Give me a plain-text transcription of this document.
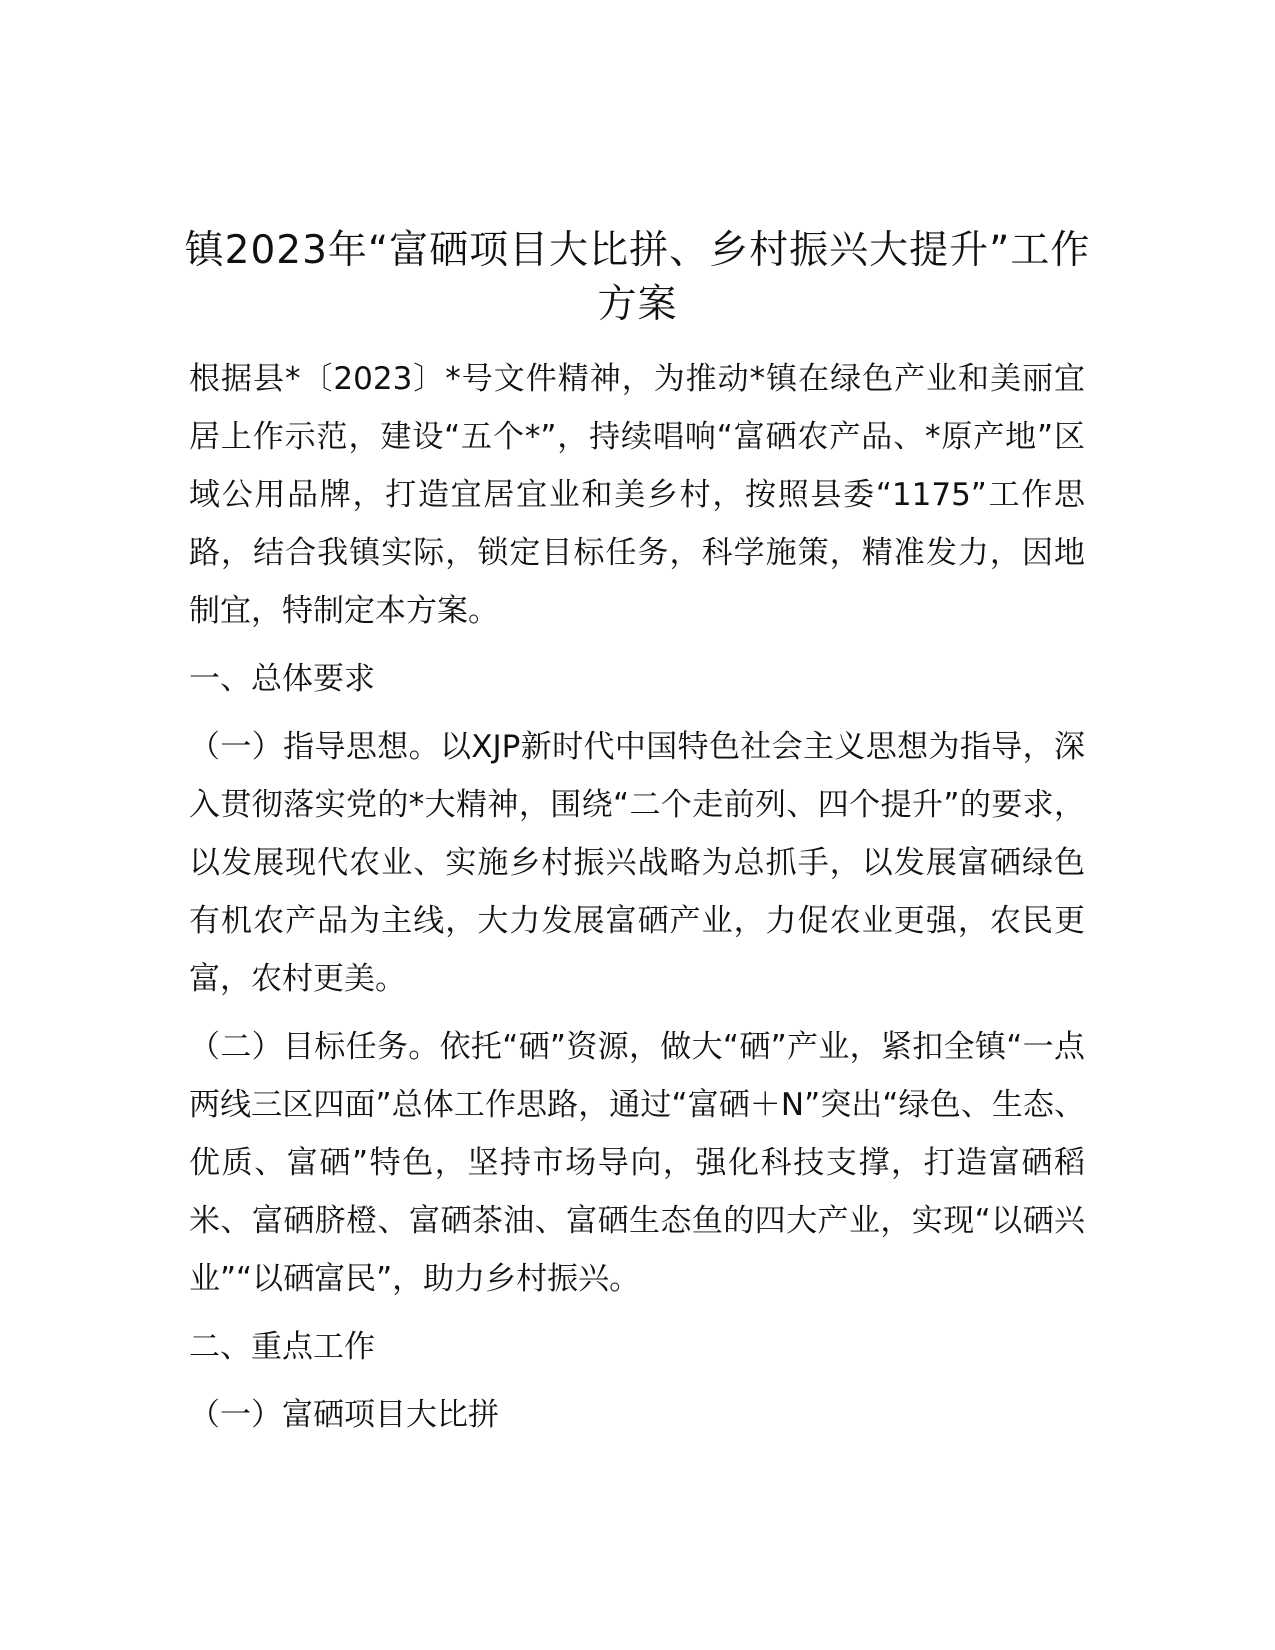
镇2023年“富硒项目大比拼、乡村振兴大提升”工作方案

根据县*〔2023〕*号文件精神，为推动*镇在绿色产业和美丽宜居上作示范，建设“五个*”，持续唱响“富硒农产品、*原产地”区域公用品牌，打造宜居宜业和美乡村，按照县委“1175”工作思路，结合我镇实际，锁定目标任务，科学施策，精准发力，因地制宜，特制定本方案。

一、总体要求

（一）指导思想。以XJP新时代中国特色社会主义思想为指导，深入贯彻落实党的*大精神，围绕“二个走前列、四个提升”的要求，以发展现代农业、实施乡村振兴战略为总抓手，以发展富硒绿色有机农产品为主线，大力发展富硒产业，力促农业更强，农民更富，农村更美。

（二）目标任务。依托“硒”资源，做大“硒”产业，紧扣全镇“一点两线三区四面”总体工作思路，通过“富硒＋N”突出“绿色、生态、优质、富硒”特色，坚持市场导向，强化科技支撑，打造富硒稻米、富硒脐橙、富硒茶油、富硒生态鱼的四大产业，实现“以硒兴业”“以硒富民”，助力乡村振兴。

二、重点工作

（一）富硒项目大比拼
